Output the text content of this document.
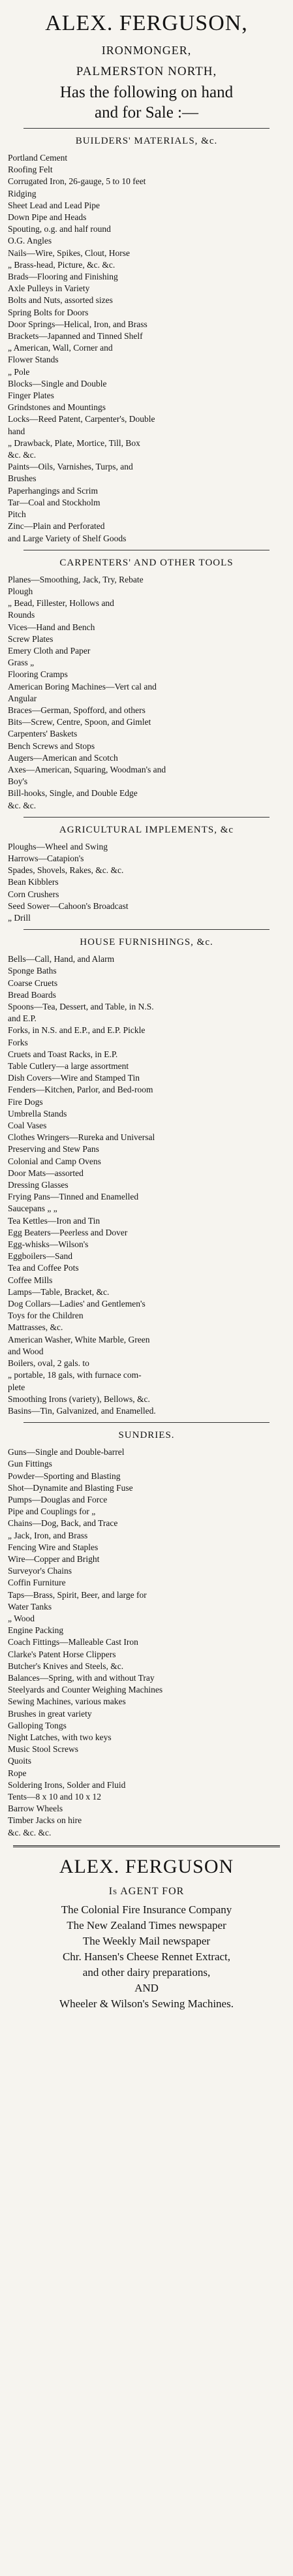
ALEX. FERGUSON,
IRONMONGER,
PALMERSTON NORTH,
Has the following on hand
and for Sale :—
BUILDERS' MATERIALS, &c.
Portland Cement
Roofing Felt
Corrugated Iron, 26-gauge, 5 to 10 feet
Ridging
Sheet Lead and Lead Pipe
Down Pipe and Heads
Spouting, o.g. and half round
O.G. Angles
Nails—Wire, Spikes, Clout, Horse
„ Brass-head, Picture, &c. &c.
Brads—Flooring and Finishing
Axle Pulleys in Variety
Bolts and Nuts, assorted sizes
Spring Bolts for Doors
Door Springs—Helical, Iron, and Brass
Brackets—Japanned and Tinned Shelf
„ American, Wall, Corner and
Flower Stands
„ Pole
Blocks—Single and Double
Finger Plates
Grindstones and Mountings
Locks—Reed Patent, Carpenter's, Double
hand
„ Drawback, Plate, Mortice, Till, Box
&c. &c.
Paints—Oils, Varnishes, Turps, and
Brushes
Paperhangings and Scrim
Tar—Coal and Stockholm
Pitch
Zinc—Plain and Perforated
and Large Variety of Shelf Goods
CARPENTERS' AND OTHER TOOLS
Planes—Smoothing, Jack, Try, Rebate
Plough
„ Bead, Fillester, Hollows and
Rounds
Vices—Hand and Bench
Screw Plates
Emery Cloth and Paper
Grass „
Flooring Cramps
American Boring Machines—Vert cal and
Angular
Braces—German, Spofford, and others
Bits—Screw, Centre, Spoon, and Gimlet
Carpenters' Baskets
Bench Screws and Stops
Augers—American and Scotch
Axes—American, Squaring, Woodman's and
Boy's
Bill-hooks, Single, and Double Edge
&c. &c.
AGRICULTURAL IMPLEMENTS, &c
Ploughs—Wheel and Swing
Harrows—Catapion's
Spades, Shovels, Rakes, &c. &c.
Bean Kibblers
Corn Crushers
Seed Sower—Cahoon's Broadcast
„ Drill
HOUSE FURNISHINGS, &c.
Bells—Call, Hand, and Alarm
Sponge Baths
Coarse Cruets
Bread Boards
Spoons—Tea, Dessert, and Table, in N.S.
and E.P.
Forks, in N.S. and E.P., and E.P. Pickle
Forks
Cruets and Toast Racks, in E.P.
Table Cutlery—a large assortment
Dish Covers—Wire and Stamped Tin
Fenders—Kitchen, Parlor, and Bed-room
Fire Dogs
Umbrella Stands
Coal Vases
Clothes Wringers—Rureka and Universal
Preserving and Stew Pans
Colonial and Camp Ovens
Door Mats—assorted
Dressing Glasses
Frying Pans—Tinned and Enamelled
Saucepans „ „
Tea Kettles—Iron and Tin
Egg Beaters—Peerless and Dover
Egg-whisks—Wilson's
Eggboilers—Sand
Tea and Coffee Pots
Coffee Mills
Lamps—Table, Bracket, &c.
Dog Collars—Ladies' and Gentlemen's
Toys for the Children
Mattrasses, &c.
American Washer, White Marble, Green
and Wood
Boilers, oval, 2 gals. to
„ portable, 18 gals, with furnace com-
plete
Smoothing Irons (variety), Bellows, &c.
Basins—Tin, Galvanized, and Enamelled.
SUNDRIES.
Guns—Single and Double-barrel
Gun Fittings
Powder—Sporting and Blasting
Shot—Dynamite and Blasting Fuse
Pumps—Douglas and Force
Pipe and Couplings for „
Chains—Dog, Back, and Trace
„ Jack, Iron, and Brass
Fencing Wire and Staples
Wire—Copper and Bright
Surveyor's Chains
Coffin Furniture
Taps—Brass, Spirit, Beer, and large for
Water Tanks
„ Wood
Engine Packing
Coach Fittings—Malleable Cast Iron
Clarke's Patent Horse Clippers
Butcher's Knives and Steels, &c.
Balances—Spring, with and without Tray
Steelyards and Counter Weighing Machines
Sewing Machines, various makes
Brushes in great variety
Galloping Tongs
Night Latches, with two keys
Music Stool Screws
Quoits
Rope
Soldering Irons, Solder and Fluid
Tents—8 x 10 and 10 x 12
Barrow Wheels
Timber Jacks on hire
&c. &c. &c.
ALEX. FERGUSON
Is AGENT FOR
The Colonial Fire Insurance Company
The New Zealand Times newspaper
The Weekly Mail newspaper
Chr. Hansen's Cheese Rennet Extract,
and other dairy preparations,
AND
Wheeler & Wilson's Sewing Machines.
